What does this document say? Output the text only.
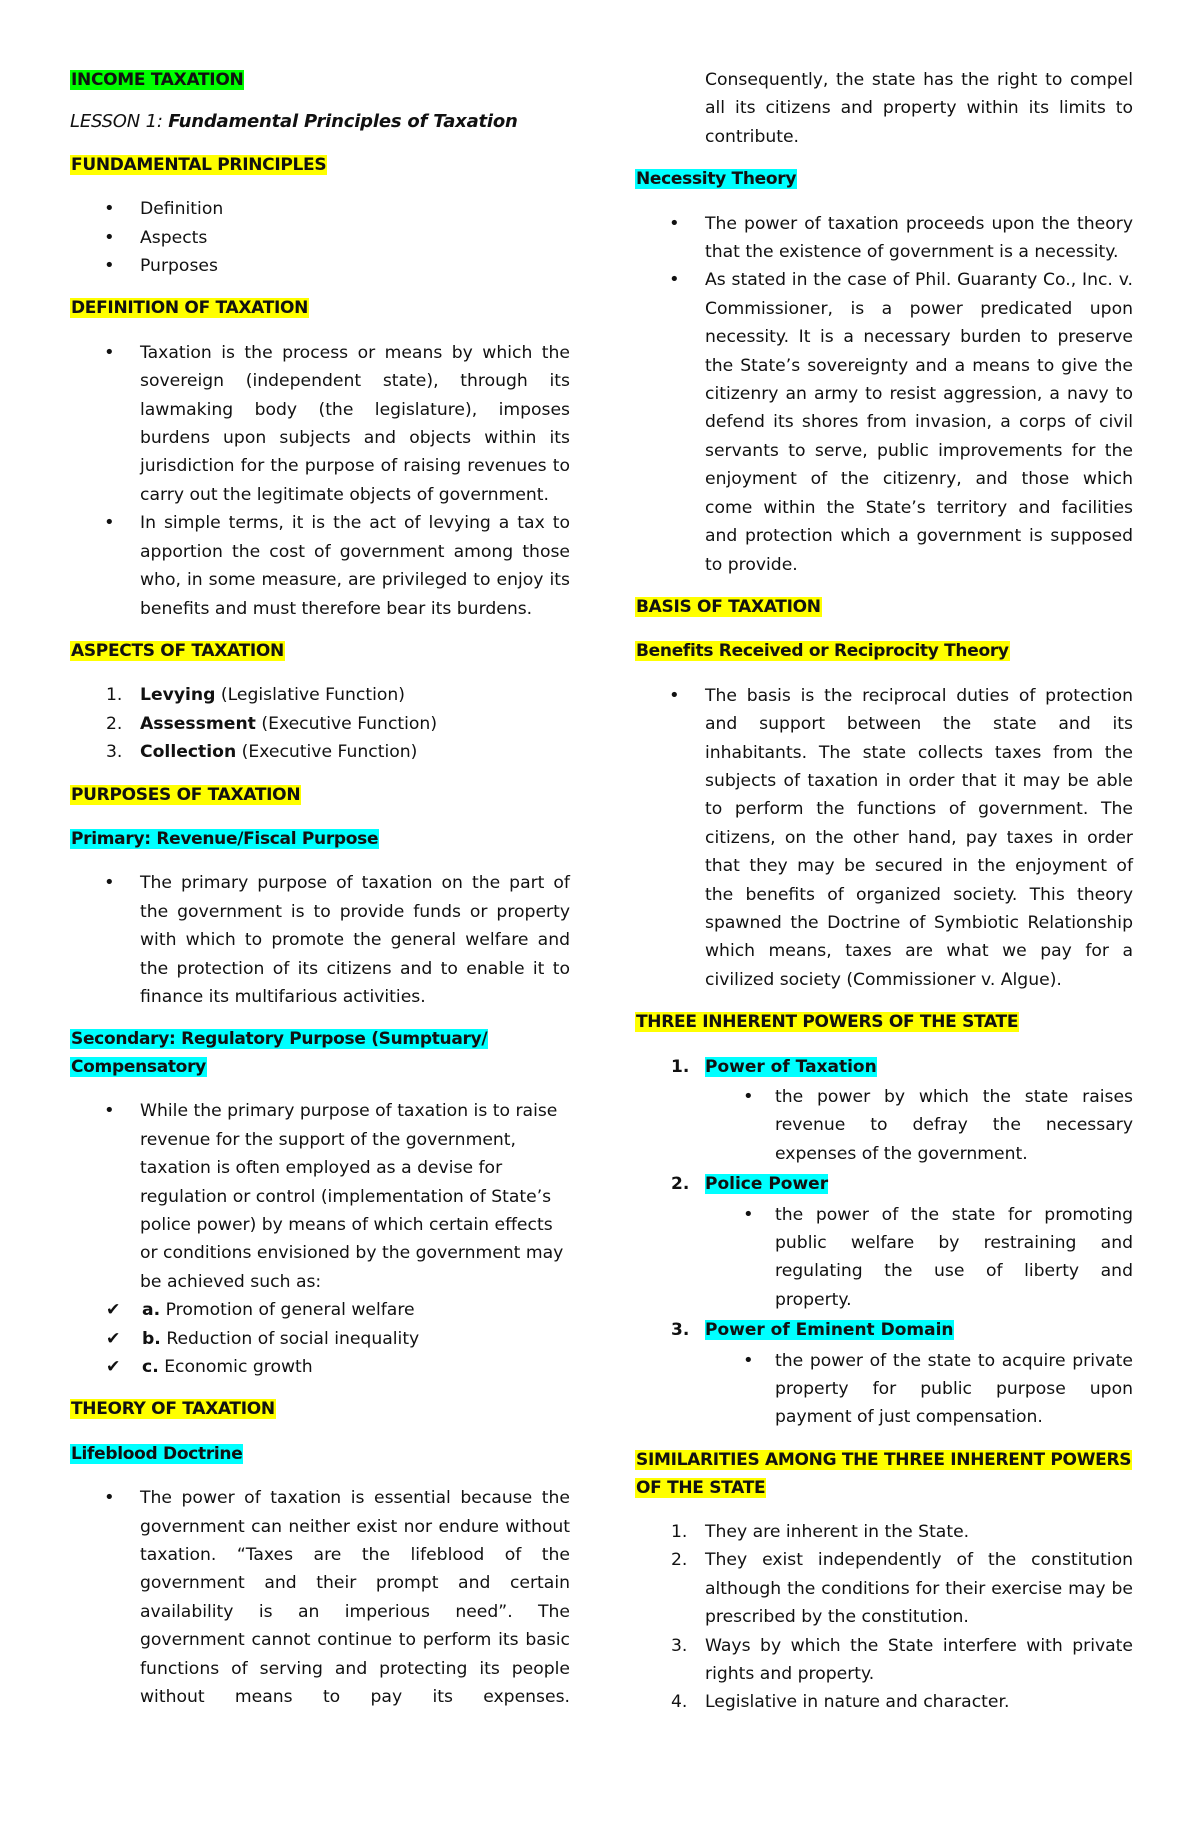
INCOME TAXATION

LESSON 1: Fundamental Principles of Taxation

FUNDAMENTAL PRINCIPLES

• Definition
• Aspects
• Purposes

DEFINITION OF TAXATION

• Taxation is the process or means by which the sovereign (independent state), through its lawmaking body (the legislature), imposes burdens upon subjects and objects within its jurisdiction for the purpose of raising revenues to carry out the legitimate objects of government.
• In simple terms, it is the act of levying a tax to apportion the cost of government among those who, in some measure, are privileged to enjoy its benefits and must therefore bear its burdens.

ASPECTS OF TAXATION

1. Levying (Legislative Function)
2. Assessment (Executive Function)
3. Collection (Executive Function)

PURPOSES OF TAXATION

Primary: Revenue/Fiscal Purpose

• The primary purpose of taxation on the part of the government is to provide funds or property with which to promote the general welfare and the protection of its citizens and to enable it to finance its multifarious activities.

Secondary: Regulatory Purpose (Sumptuary/
Compensatory

• While the primary purpose of taxation is to raise revenue for the support of the government, taxation is often employed as a devise for regulation or control (implementation of State’s police power) by means of which certain effects or conditions envisioned by the government may be achieved such as:
✔ a. Promotion of general welfare
✔ b. Reduction of social inequality
✔ c. Economic growth

THEORY OF TAXATION

Lifeblood Doctrine

• The power of taxation is essential because the government can neither exist nor endure without taxation. “Taxes are the lifeblood of the government and their prompt and certain availability is an imperious need”. The government cannot continue to perform its basic functions of serving and protecting its people without means to pay its expenses.

Consequently, the state has the right to compel all its citizens and property within its limits to contribute.

Necessity Theory

• The power of taxation proceeds upon the theory that the existence of government is a necessity.
• As stated in the case of Phil. Guaranty Co., Inc. v. Commissioner, is a power predicated upon necessity. It is a necessary burden to preserve the State’s sovereignty and a means to give the citizenry an army to resist aggression, a navy to defend its shores from invasion, a corps of civil servants to serve, public improvements for the enjoyment of the citizenry, and those which come within the State’s territory and facilities and protection which a government is supposed to provide.

BASIS OF TAXATION

Benefits Received or Reciprocity Theory

• The basis is the reciprocal duties of protection and support between the state and its inhabitants. The state collects taxes from the subjects of taxation in order that it may be able to perform the functions of government. The citizens, on the other hand, pay taxes in order that they may be secured in the enjoyment of the benefits of organized society. This theory spawned the Doctrine of Symbiotic Relationship which means, taxes are what we pay for a civilized society (Commissioner v. Algue).

THREE INHERENT POWERS OF THE STATE

1. Power of Taxation

• the power by which the state raises revenue to defray the necessary expenses of the government.

2. Police Power

• the power of the state for promoting public welfare by restraining and regulating the use of liberty and property.

3. Power of Eminent Domain

• the power of the state to acquire private property for public purpose upon payment of just compensation.

SIMILARITIES AMONG THE THREE INHERENT POWERS
OF THE STATE

1. They are inherent in the State.
2. They exist independently of the constitution although the conditions for their exercise may be prescribed by the constitution.
3. Ways by which the State interfere with private rights and property.
4. Legislative in nature and character.
